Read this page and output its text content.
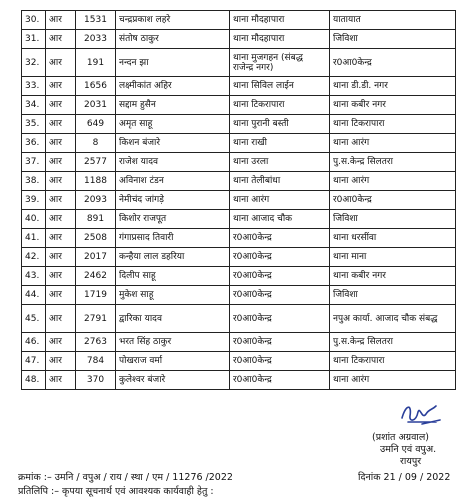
30.	आर	1531	चन्द्रप्रकाश लहरे	थाना मौदहापारा	यातायात
31.	आर	2033	संतोष ठाकुर	थाना मौदहापारा	जिविशा
32.	आर	191	नन्दन झा	थाना मुजगहन (संबद्ध राजेन्द्र नगर)	र0आ0केन्द्र
33.	आर	1656	लक्ष्मीकांत अहिर	थाना सिविल लाईन	थाना डी.डी. नगर
34.	आर	2031	सद्दाम हुसैन	थाना टिकरापारा	थाना कबीर नगर
35.	आर	649	अमृत साहू	थाना पुरानी बस्ती	थाना टिकरापारा
36.	आर	8	किशन बंजारे	थाना राखी	थाना आरंग
37.	आर	2577	राजेश यादव	थाना उरला	पु.स.केन्द्र सिलतरा
38.	आर	1188	अविनाश टंडन	थाना तेलीबांधा	थाना आरंग
39.	आर	2093	नेमीचंद जांगड़े	थाना आरंग	र0आ0केन्द्र
40.	आर	891	किशोर राजपूत	थाना आजाद चौक	जिविशा
41.	आर	2508	गंगाप्रसाद तिवारी	र0आ0केन्द्र	थाना धरसींवा
42.	आर	2017	कन्हैया लाल डहरिया	र0आ0केन्द्र	थाना माना
43.	आर	2462	दिलीप साहू	र0आ0केन्द्र	थाना कबीर नगर
44.	आर	1719	मुकेश साहू	र0आ0केन्द्र	जिविशा
45.	आर	2791	द्वारिका यादव	र0आ0केन्द्र	नपुअ कार्या. आजाद चौक संबद्ध
46.	आर	2763	भरत सिंह ठाकुर	र0आ0केन्द्र	पु.स.केन्द्र सिलतरा
47.	आर	784	पोखराज वर्मा	र0आ0केन्द्र	थाना टिकरापारा
48.	आर	370	कुलेश्वर बंजारे	र0आ0केन्द्र	थाना आरंग
(प्रशांत अग्रवाल)
उमनि एवं वपुअ.
रायपुर
क्रमांक :– उमनि / वपुअ / राय / स्था / एम / 11276 /2022	दिनांक 21 / 09 / 2022
प्रतिलिपि :– कृपया सूचनार्थ एवं आवश्यक कार्यवाही हेतु :
